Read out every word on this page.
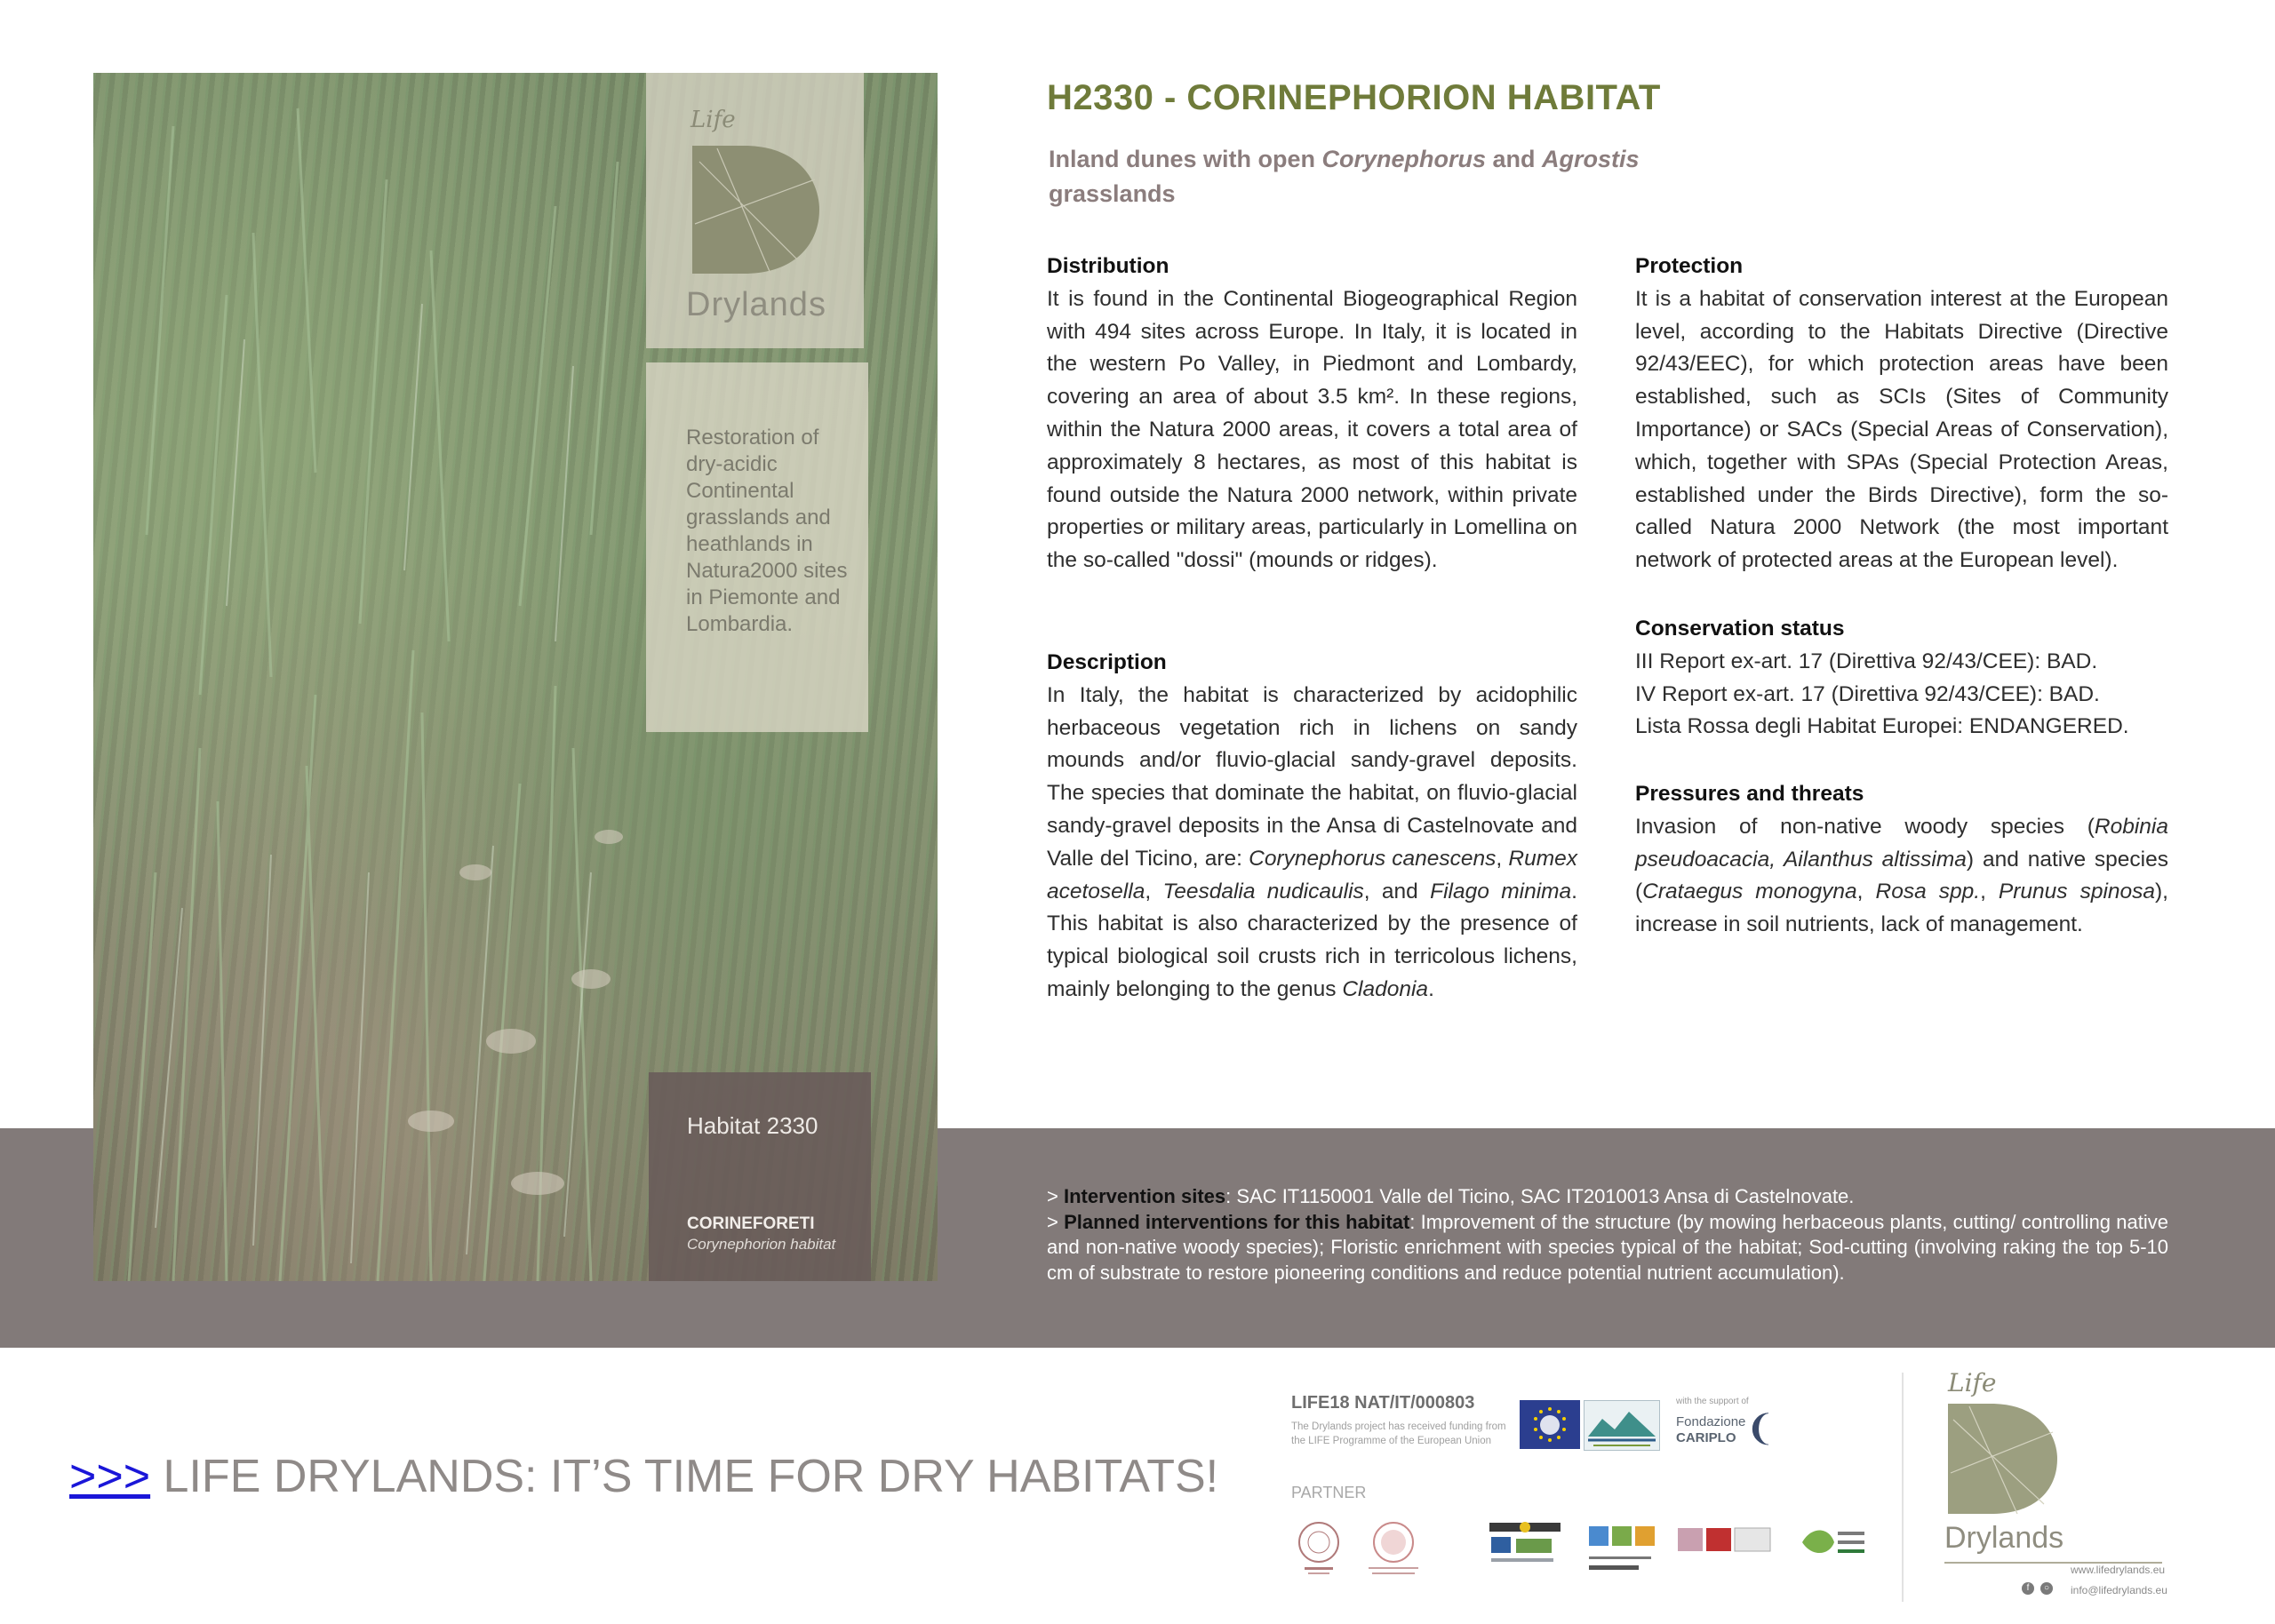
Life
Drylands
Restoration of dry-acidic Continental grasslands and heathlands in Natura2000 sites in Piemonte and Lombardia.
Habitat 2330
CORINEFORETI
Corynephorion habitat
H2330 - CORINEPHORION HABITAT
Inland dunes with open Corynephorus and Agrostis
grasslands
Distribution

It is found in the Continental Biogeographical Region with 494 sites across Europe. In Italy, it is located in the western Po Valley, in Piedmont and Lombardy, covering an area of about 3.5 km². In these regions, within the Natura 2000 areas, it covers a total area of approximately 8 hectares, as most of this habitat is found outside the Natura 2000 network, within private properties or military areas, particularly in Lomellina on the so-called "dossi" (mounds or ridges).

Description

In Italy, the habitat is characterized by acidophilic herbaceous vegetation rich in lichens on sandy mounds and/or fluvio-glacial sandy-gravel deposits. The species that dominate the habitat, on fluvio-glacial sandy-gravel deposits in the Ansa di Castelnovate and Valle del Ticino, are: Corynephorus canescens, Rumex acetosella, Teesdalia nudicaulis, and Filago minima. This habitat is also characterized by the presence of typical biological soil crusts rich in terricolous lichens, mainly belonging to the genus Cladonia.

Protection

It is a habitat of conservation interest at the European level, according to the Habitats Directive (Directive 92/43/EEC), for which protection areas have been established, such as SCIs (Sites of Community Importance) or SACs (Special Areas of Conservation), which, together with SPAs (Special Protection Areas, established under the Birds Directive), form the so-called Natura 2000 Network (the most important network of protected areas at the European level).

Conservation status

III Report ex-art. 17 (Direttiva 92/43/CEE): BAD.

IV Report ex-art. 17 (Direttiva 92/43/CEE): BAD.

Lista Rossa degli Habitat Europei: ENDANGERED.

Pressures and threats

Invasion of non-native woody species (Robinia pseudoacacia, Ailanthus altissima) and native species (Crataegus monogyna, Rosa spp., Prunus spinosa), increase in soil nutrients, lack of management.

> Intervention sites: SAC IT1150001 Valle del Ticino, SAC IT2010013 Ansa di Castelnovate.
> Planned interventions for this habitat: Improvement of the structure (by mowing herbaceous plants, cutting/ controlling native and non-native woody species); Floristic enrichment with species typical of the habitat; Sod-cutting (involving raking the top 5-10 cm of substrate to restore pioneering conditions and reduce potential nutrient accumulation).
>>> LIFE DRYLANDS: IT’S TIME FOR DRY HABITATS!
LIFE18 NAT/IT/000803
The Drylands project has received funding from the LIFE Programme of the European Union
with the support of
Fondazione
CARIPLO ❨
PARTNER
Life
Drylands
www.lifedrylands.eu
f	○	info@lifedrylands.eu
